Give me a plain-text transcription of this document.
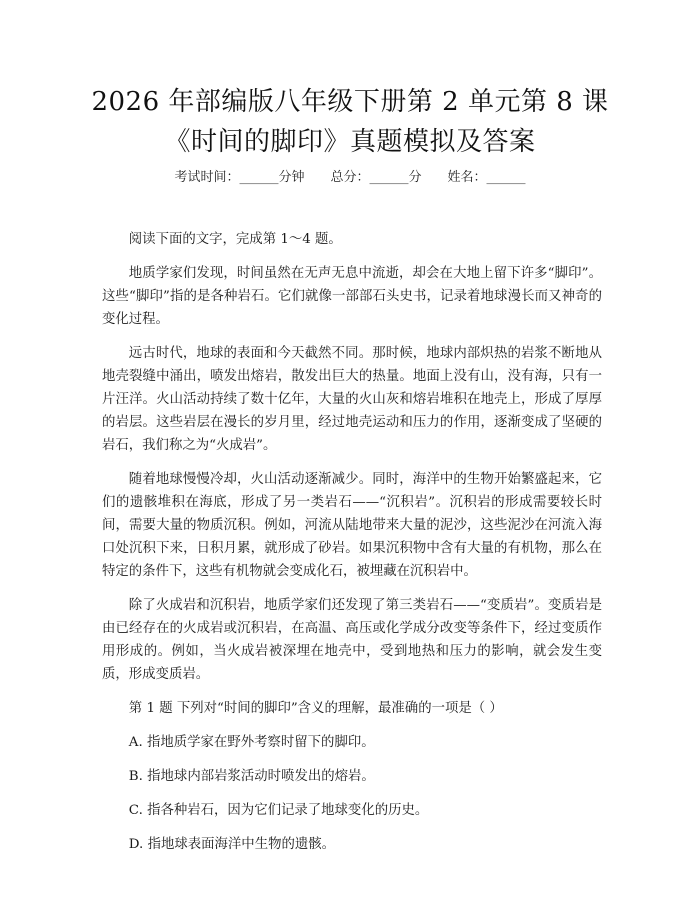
2026 年部编版八年级下册第 2 单元第 8 课
《时间的脚印》真题模拟及答案
考试时间：______分钟 总分：______分 姓名：______

阅读下面的文字，完成第 1～4 题。

地质学家们发现，时间虽然在无声无息中流逝，却会在大地上留下许多“脚印”。这些“脚印”指的是各种岩石。它们就像一部部石头史书，记录着地球漫长而又神奇的变化过程。

远古时代，地球的表面和今天截然不同。那时候，地球内部炽热的岩浆不断地从地壳裂缝中涌出，喷发出熔岩，散发出巨大的热量。地面上没有山，没有海，只有一片汪洋。火山活动持续了数十亿年，大量的火山灰和熔岩堆积在地壳上，形成了厚厚的岩层。这些岩层在漫长的岁月里，经过地壳运动和压力的作用，逐渐变成了坚硬的岩石，我们称之为“火成岩”。

随着地球慢慢冷却，火山活动逐渐减少。同时，海洋中的生物开始繁盛起来，它们的遗骸堆积在海底，形成了另一类岩石——“沉积岩”。沉积岩的形成需要较长时间，需要大量的物质沉积。例如，河流从陆地带来大量的泥沙，这些泥沙在河流入海口处沉积下来，日积月累，就形成了砂岩。如果沉积物中含有大量的有机物，那么在特定的条件下，这些有机物就会变成化石，被埋藏在沉积岩中。

除了火成岩和沉积岩，地质学家们还发现了第三类岩石——“变质岩”。变质岩是由已经存在的火成岩或沉积岩，在高温、高压或化学成分改变等条件下，经过变质作用形成的。例如，当火成岩被深埋在地壳中，受到地热和压力的影响，就会发生变质，形成变质岩。

第 1 题 下列对“时间的脚印”含义的理解，最准确的一项是（ ）
A. 指地质学家在野外考察时留下的脚印。
B. 指地球内部岩浆活动时喷发出的熔岩。
C. 指各种岩石，因为它们记录了地球变化的历史。
D. 指地球表面海洋中生物的遗骸。
